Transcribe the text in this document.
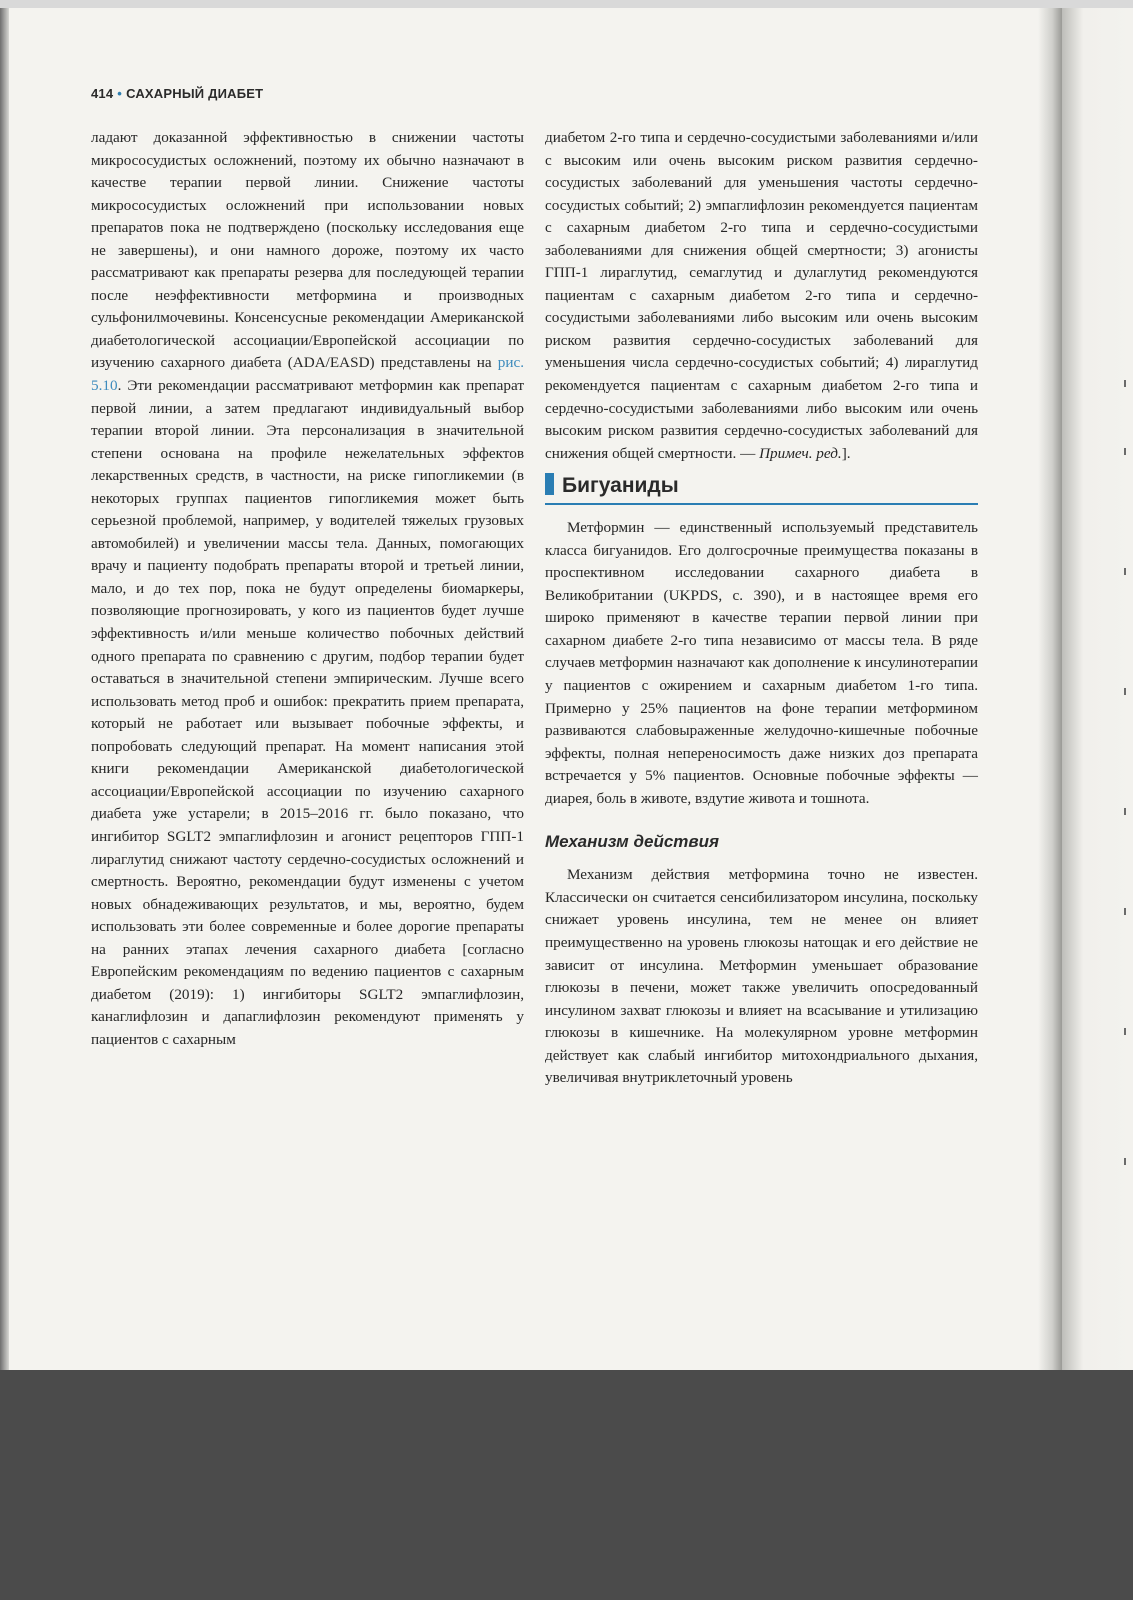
414 • САХАРНЫЙ ДИАБЕТ

ладают доказанной эффективностью в снижении частоты микрососудистых осложнений, поэтому их обычно назначают в качестве терапии первой линии. Снижение частоты микрососудистых осложнений при использовании новых препаратов пока не подтверждено (поскольку исследования еще не завершены), и они намного дороже, поэтому их часто рассматривают как препараты резерва для последующей терапии после неэффективности метформина и производных сульфонилмочевины. Консенсусные рекомендации Американской диабетологической ассоциации/Европейской ассоциации по изучению сахарного диабета (ADA/EASD) представлены на рис. 5.10. Эти рекомендации рассматривают метформин как препарат первой линии, а затем предлагают индивидуальный выбор терапии второй линии. Эта персонализация в значительной степени основана на профиле нежелательных эффектов лекарственных средств, в частности, на риске гипогликемии (в некоторых группах пациентов гипогликемия может быть серьезной проблемой, например, у водителей тяжелых грузовых автомобилей) и увеличении массы тела. Данных, помогающих врачу и пациенту подобрать препараты второй и третьей линии, мало, и до тех пор, пока не будут определены биомаркеры, позволяющие прогнозировать, у кого из пациентов будет лучше эффективность и/или меньше количество побочных действий одного препарата по сравнению с другим, подбор терапии будет оставаться в значительной степени эмпирическим. Лучше всего использовать метод проб и ошибок: прекратить прием препарата, который не работает или вызывает побочные эффекты, и попробовать следующий препарат. На момент написания этой книги рекомендации Американской диабетологической ассоциации/Европейской ассоциации по изучению сахарного диабета уже устарели; в 2015–2016 гг. было показано, что ингибитор SGLT2 эмпаглифлозин и агонист рецепторов ГПП-1 лираглутид снижают частоту сердечно-сосудистых осложнений и смертность. Вероятно, рекомендации будут изменены с учетом новых обнадеживающих результатов, и мы, вероятно, будем использовать эти более современные и более дорогие препараты на ранних этапах лечения сахарного диабета [согласно Европейским рекомендациям по ведению пациентов с сахарным диабетом (2019): 1) ингибиторы SGLT2 эмпаглифлозин, канаглифлозин и дапаглифлозин рекомендуют применять у пациентов с сахарным

диабетом 2-го типа и сердечно-сосудистыми заболеваниями и/или с высоким или очень высоким риском развития сердечно-сосудистых заболеваний для уменьшения частоты сердечно-сосудистых событий; 2) эмпаглифлозин рекомендуется пациентам с сахарным диабетом 2-го типа и сердечно-сосудистыми заболеваниями для снижения общей смертности; 3) агонисты ГПП-1 лираглутид, семаглутид и дулаглутид рекомендуются пациентам с сахарным диабетом 2-го типа и сердечно-сосудистыми заболеваниями либо высоким или очень высоким риском развития сердечно-сосудистых заболеваний для уменьшения числа сердечно-сосудистых событий; 4) лираглутид рекомендуется пациентам с сахарным диабетом 2-го типа и сердечно-сосудистыми заболеваниями либо высоким или очень высоким риском развития сердечно-сосудистых заболеваний для снижения общей смертности. — Примеч. ред.].

Бигуаниды

Метформин — единственный используемый представитель класса бигуанидов. Его долгосрочные преимущества показаны в проспективном исследовании сахарного диабета в Великобритании (UKPDS, с. 390), и в настоящее время его широко применяют в качестве терапии первой линии при сахарном диабете 2-го типа независимо от массы тела. В ряде случаев метформин назначают как дополнение к инсулинотерапии у пациентов с ожирением и сахарным диабетом 1-го типа. Примерно у 25% пациентов на фоне терапии метформином развиваются слабовыраженные желудочно-кишечные побочные эффекты, полная непереносимость даже низких доз препарата встречается у 5% пациентов. Основные побочные эффекты — диарея, боль в животе, вздутие живота и тошнота.

Механизм действия

Механизм действия метформина точно не известен. Классически он считается сенсибилизатором инсулина, поскольку снижает уровень инсулина, тем не менее он влияет преимущественно на уровень глюкозы натощак и его действие не зависит от инсулина. Метформин уменьшает образование глюкозы в печени, может также увеличить опосредованный инсулином захват глюкозы и влияет на всасывание и утилизацию глюкозы в кишечнике. На молекулярном уровне метформин действует как слабый ингибитор митохондриального дыхания, увеличивая внутриклеточный уровень
